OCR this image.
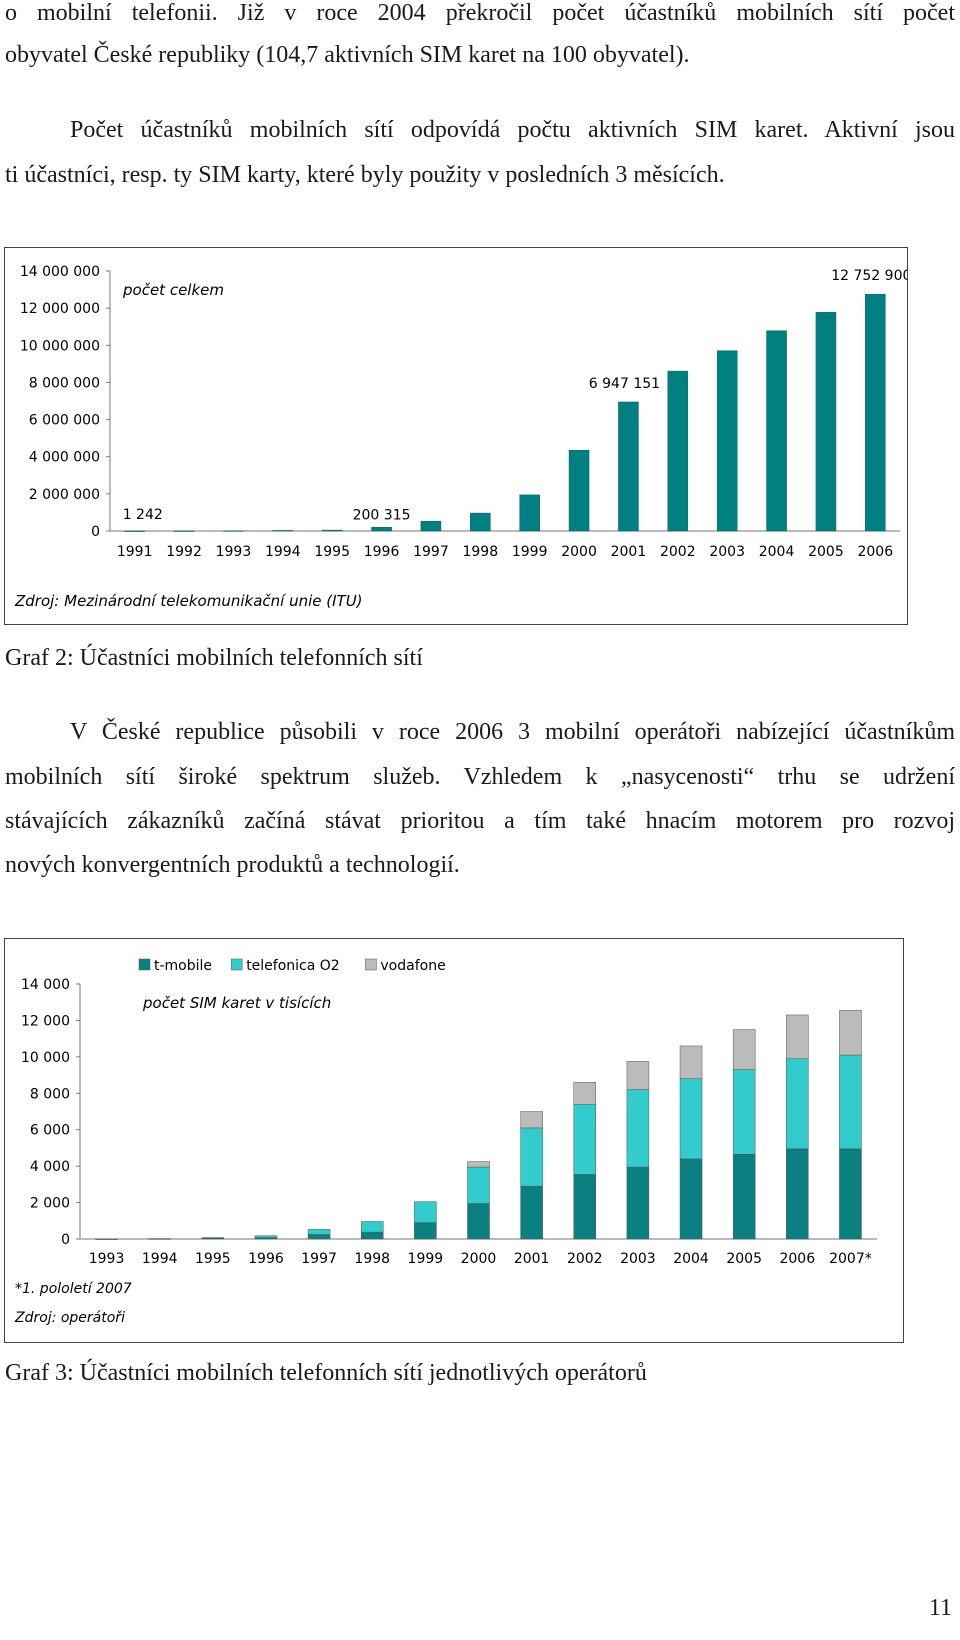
o mobilní telefonii. Již v roce 2004 překročil počet účastníků mobilních sítí počet
obyvatel České republiky (104,7 aktivních SIM karet na 100 obyvatel).
Počet účastníků mobilních sítí odpovídá počtu aktivních SIM karet. Aktivní jsou
ti účastníci, resp. ty SIM karty, které byly použity v posledních 3 měsících.
0
2 000 000
4 000 000
6 000 000
8 000 000
10 000 000
12 000 000
14 000 000
1991
1 242
1992 1993 1994 1995 1996
200 315
1997 1998 1999 2000 2001
6 947 151
2002 2003 2004 2005 2006
12 752 900
počet celkem
Zdroj: Mezinárodní telekomunikační unie (ITU)
Graf 2: Účastníci mobilních telefonních sítí
V České republice působili v roce 2006 3 mobilní operátoři nabízející účastníkům
mobilních sítí široké spektrum služeb. Vzhledem k „nasycenosti“ trhu se udržení
stávajících zákazníků začíná stávat prioritou a tím také hnacím motorem pro rozvoj
nových konvergentních produktů a technologií.
0
2 000
4 000
6 000
8 000
10 000
12 000
14 000
1993 1994 1995 1996 1997 1998 1999 2000 2001 2002 2003 2004 2005 2006 2007*
t-mobile telefonica O2	vodafone
počet SIM karet v tisících
*1. pololetí 2007
Zdroj: operátoři
Graf 3: Účastníci mobilních telefonních sítí jednotlivých operátorů
11
